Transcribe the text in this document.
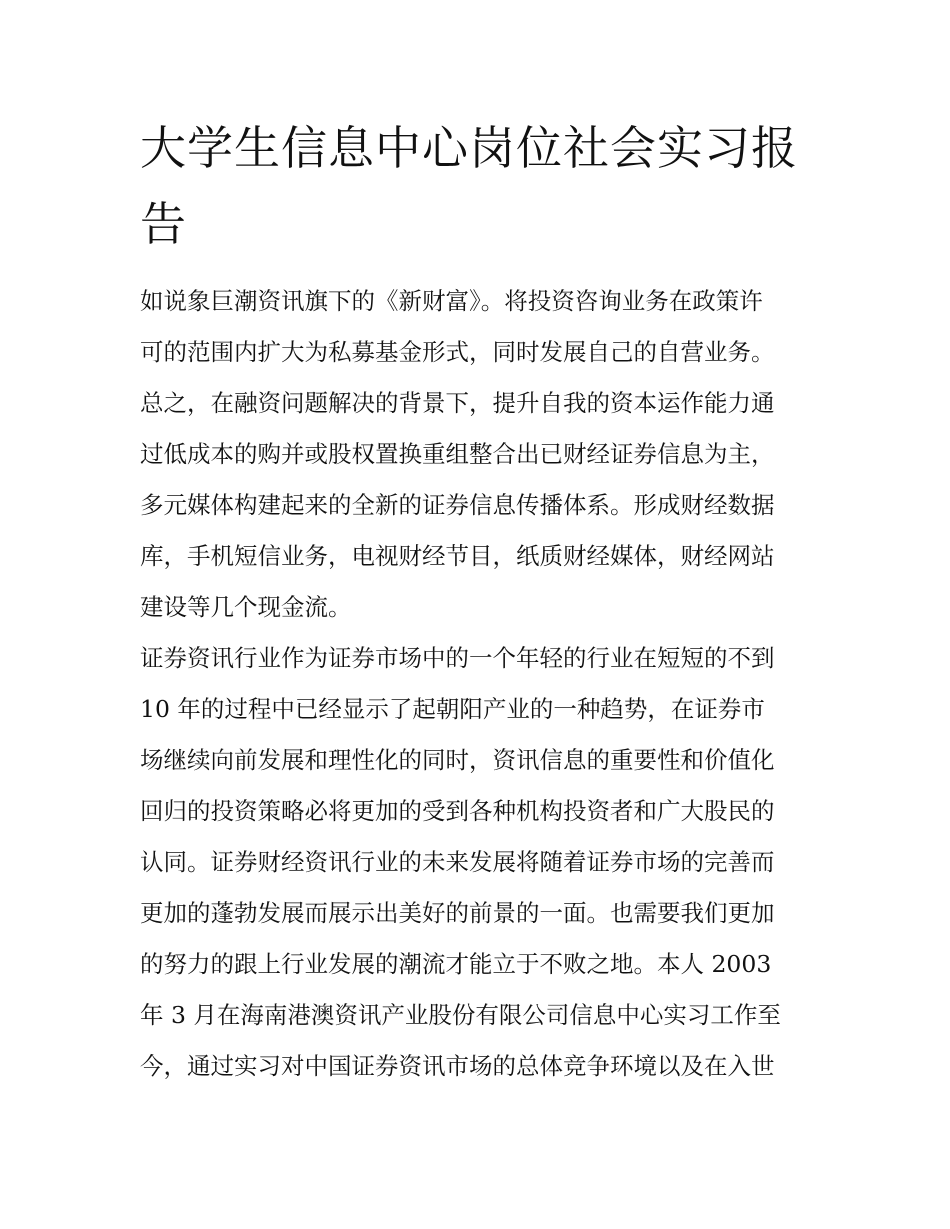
大学生信息中心岗位社会实习报告

如说象巨潮资讯旗下的《新财富》。将投资咨询业务在政策许

可的范围内扩大为私募基金形式，同时发展自己的自营业务。

总之，在融资问题解决的背景下，提升自我的资本运作能力通

过低成本的购并或股权置换重组整合出已财经证券信息为主，

多元媒体构建起来的全新的证券信息传播体系。形成财经数据

库，手机短信业务，电视财经节目，纸质财经媒体，财经网站

建设等几个现金流。

证券资讯行业作为证券市场中的一个年轻的行业在短短的不到

10 年的过程中已经显示了起朝阳产业的一种趋势，在证券市

场继续向前发展和理性化的同时，资讯信息的重要性和价值化

回归的投资策略必将更加的受到各种机构投资者和广大股民的

认同。证券财经资讯行业的未来发展将随着证券市场的完善而

更加的蓬勃发展而展示出美好的前景的一面。也需要我们更加

的努力的跟上行业发展的潮流才能立于不败之地。本人 2003

年 3 月在海南港澳资讯产业股份有限公司信息中心实习工作至

今，通过实习对中国证券资讯市场的总体竞争环境以及在入世
